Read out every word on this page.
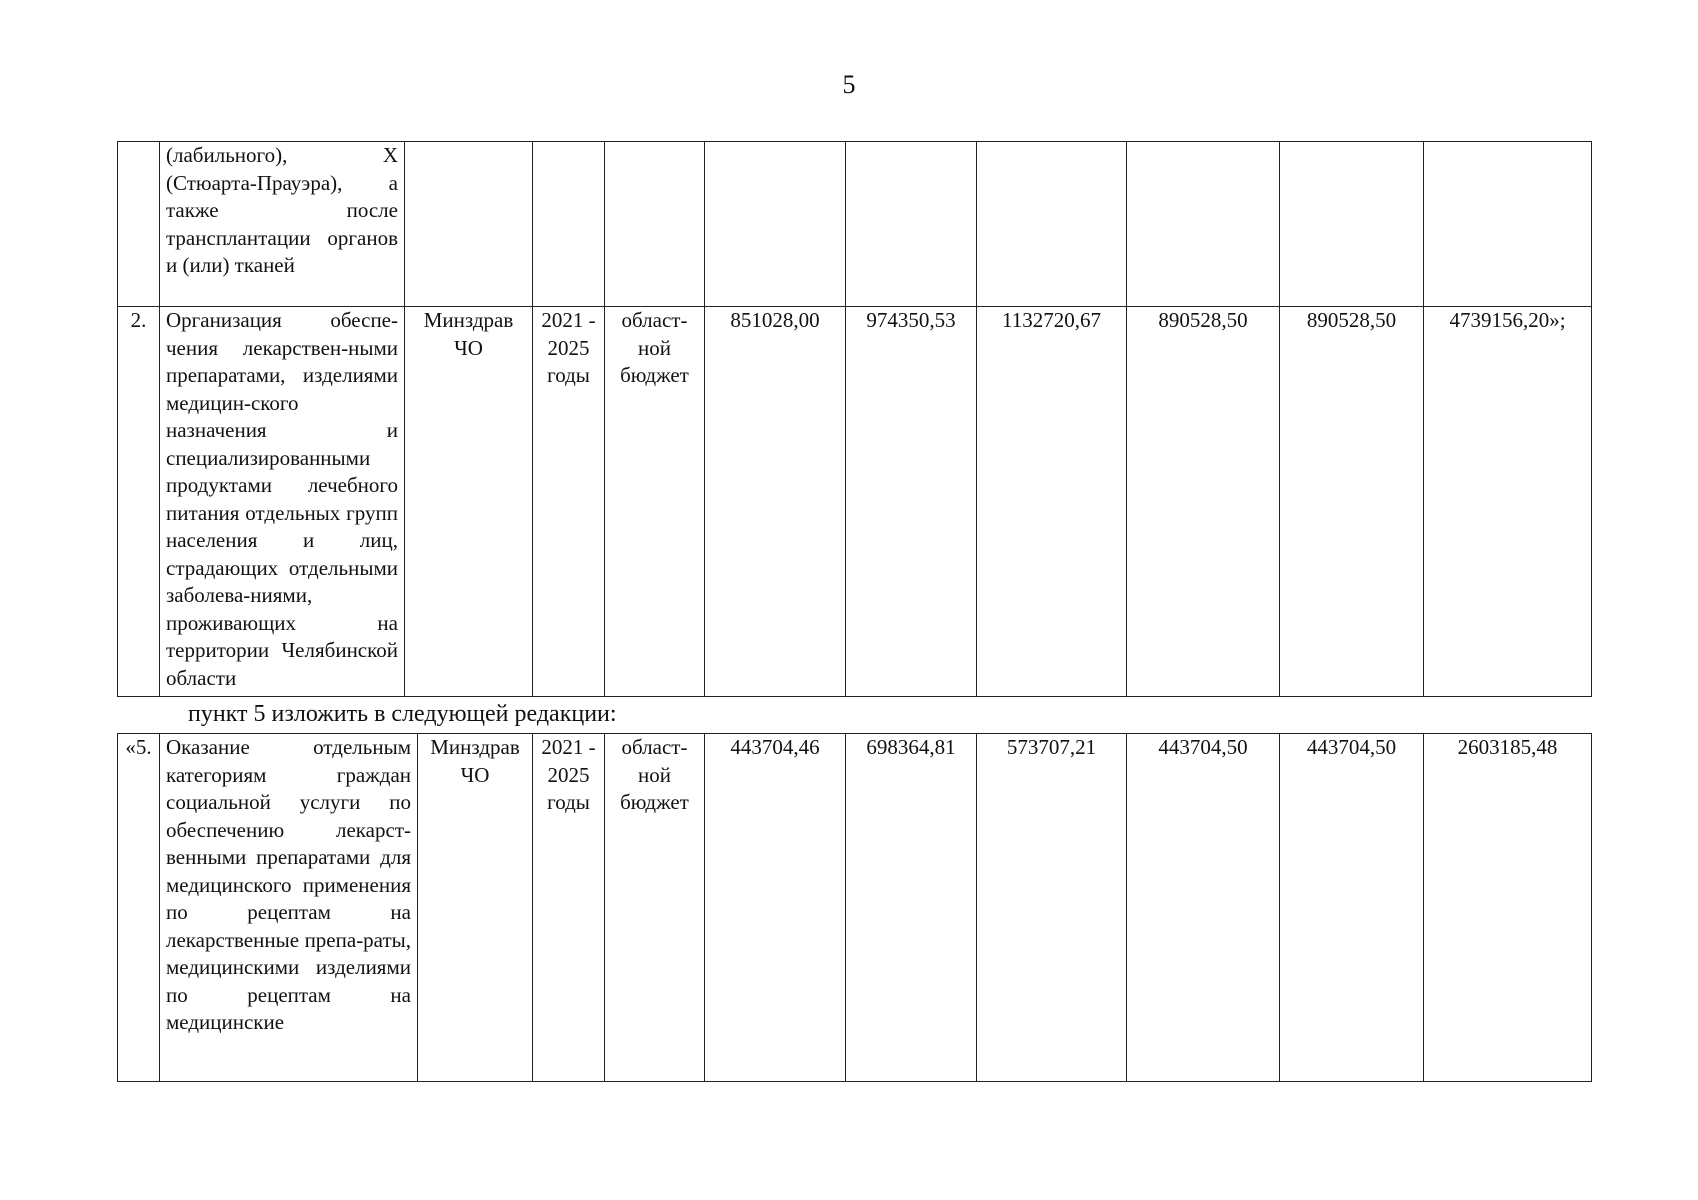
5
	(лабильного), Х (Стюарта-Прауэра), а также после трансплантации органов и (или) тканей									
2.	Организация обеспе-чения лекарствен-ными препаратами, изделиями медицин-ского назначения и специализированными продуктами лечебного питания отдельных групп населения и лиц, страдающих отдельными заболева-ниями, проживающих на территории Челябинской области	Минздрав ЧО	2021 - 2025 годы	област-ной бюджет	851028,00	974350,53	1132720,67	890528,50	890528,50	4739156,20»;
пункт 5 изложить в следующей редакции:
«5.	Оказание отдельным категориям граждан социальной услуги по обеспечению лекарст-венными препаратами для медицинского применения по рецептам на лекарственные препа-раты, медицинскими изделиями по рецептам на медицинские	Минздрав ЧО	2021 - 2025 годы	област-ной бюджет	443704,46	698364,81	573707,21	443704,50	443704,50	2603185,48
